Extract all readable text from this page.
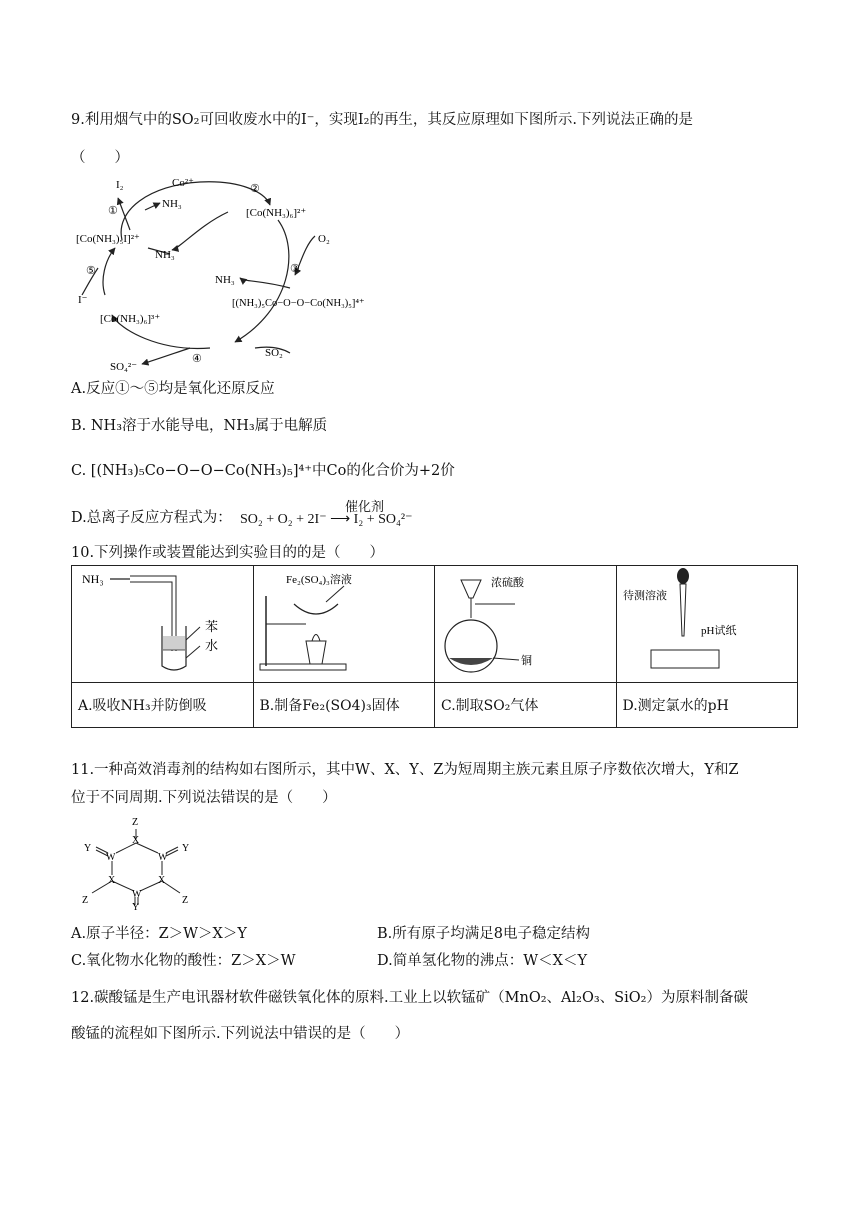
9.利用烟气中的SO₂可回收废水中的I⁻，实现I₂的再生，其反应原理如下图所示.下列说法正确的是
（　　）
I₂	Co²⁺
NH₃
①
②
[Co(NH₃)₆]²⁺
[Co(NH₃)₅I]²⁺	O₂
NH₃
⑤	③
NH₃
I⁻	[(NH₃)₅Co−O−O−Co(NH₃)₅]⁴⁺
[Co(NH₃)₆]³⁺
④	SO₂
SO₄²⁻
A.反应①～⑤均是氧化还原反应
B. NH₃溶于水能导电，NH₃属于电解质
C. [(NH₃)₅Co−O−O−Co(NH₃)₅]⁴⁺中Co的化合价为+2价
D.总离子反应方程式为：
催化剂
SO₂ + O₂ + 2I⁻ ⟶ I₂ + SO₄²⁻
10.下列操作或装置能达到实验目的的是（　　）
NH₃
苯
水	Fe₂(SO₄)₃溶液	浓硫酸
铜	待测溶液
pH试纸

A.吸收NH₃并防倒吸	B.制备Fe₂(SO4)₃固体	C.制取SO₂气体	D.测定氯水的pH
11.一种高效消毒剂的结构如右图所示，其中W、X、Y、Z为短周期主族元素且原子序数依次增大，Y和Z
位于不同周期.下列说法错误的是（　　）
Z
X
W	W
Y	Y
X	X
Z	Z
W
Y
A.原子半径：Z＞W＞X＞Y	B.所有原子均满足8电子稳定结构
C.氧化物水化物的酸性：Z＞X＞W	D.简单氢化物的沸点：W＜X＜Y
12.碳酸锰是生产电讯器材软件磁铁氧化体的原料.工业上以软锰矿（MnO₂、Al₂O₃、SiO₂）为原料制备碳
酸锰的流程如下图所示.下列说法中错误的是（　　）
